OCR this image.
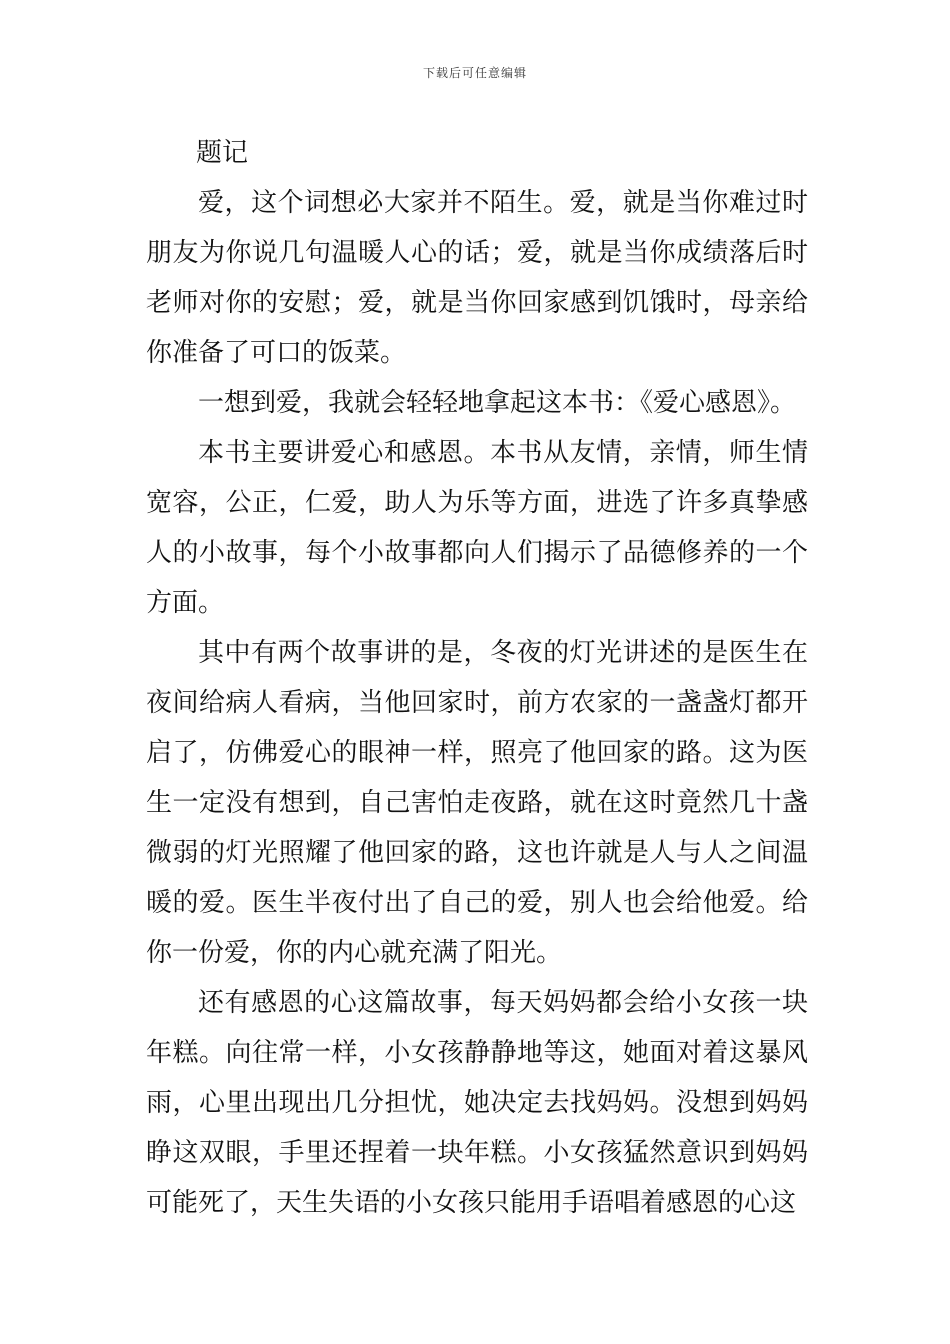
下载后可任意编辑
题记

爱，这个词想必大家并不陌生。爱，就是当你难过时朋友为你说几句温暖人心的话；爱，就是当你成绩落后时老师对你的安慰；爱，就是当你回家感到饥饿时，母亲给你准备了可口的饭菜。

一想到爱，我就会轻轻地拿起这本书：《爱心感恩》。

本书主要讲爱心和感恩。本书从友情，亲情，师生情宽容，公正，仁爱，助人为乐等方面，进选了许多真挚感人的小故事，每个小故事都向人们揭示了品德修养的一个方面。

其中有两个故事讲的是，冬夜的灯光讲述的是医生在夜间给病人看病，当他回家时，前方农家的一盏盏灯都开启了，仿佛爱心的眼神一样，照亮了他回家的路。这为医生一定没有想到，自己害怕走夜路，就在这时竟然几十盏微弱的灯光照耀了他回家的路，这也许就是人与人之间温暖的爱。医生半夜付出了自己的爱，别人也会给他爱。给你一份爱，你的内心就充满了阳光。

还有感恩的心这篇故事，每天妈妈都会给小女孩一块年糕。向往常一样，小女孩静静地等这，她面对着这暴风雨，心里出现出几分担忧，她决定去找妈妈。没想到妈妈睁这双眼，手里还捏着一块年糕。小女孩猛然意识到妈妈可能死了，天生失语的小女孩只能用手语唱着感恩的心这
